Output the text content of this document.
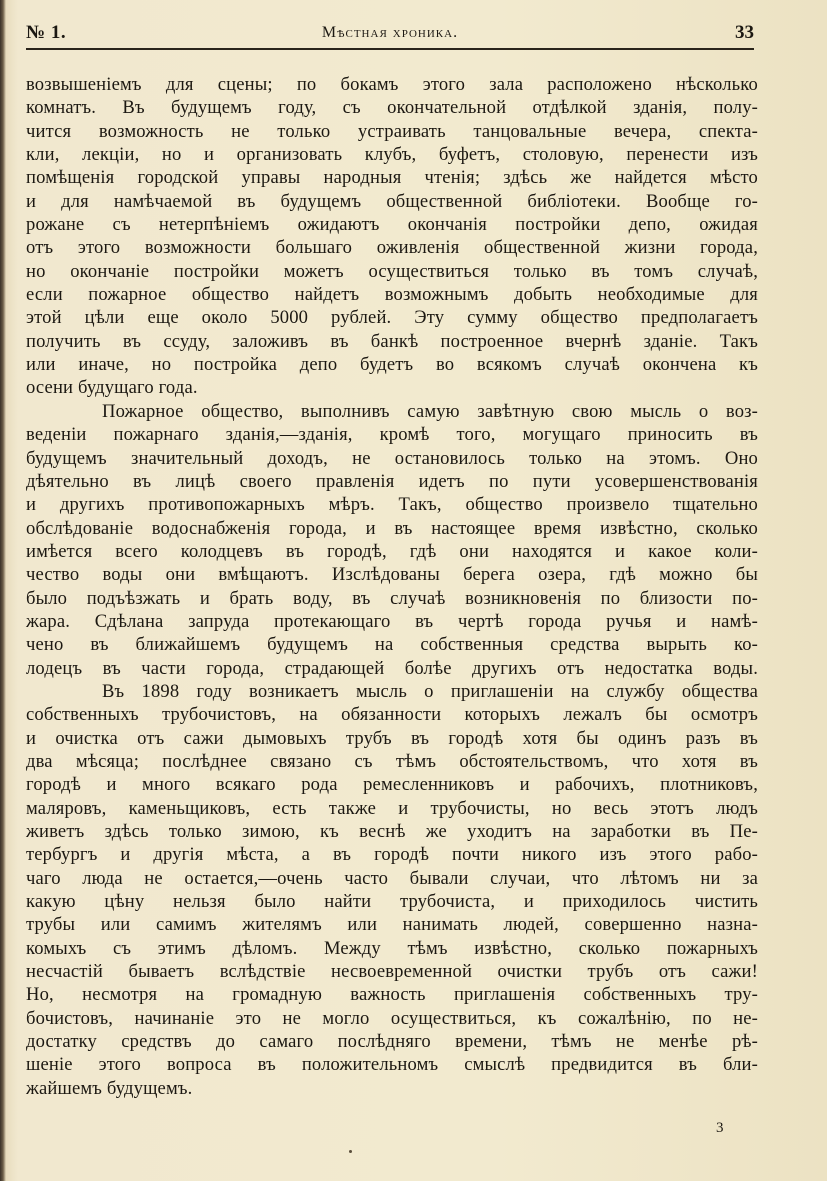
№ 1.	Мѣстная хроника.	33
возвышеніемъ для сцены; по бокамъ этого зала расположено нѣсколько
комнатъ. Въ будущемъ году, съ окончательной отдѣлкой зданія, полу-
чится возможность не только устраивать танцовальные вечера, спекта-
кли, лекціи, но и организовать клубъ, буфетъ, столовую, перенести изъ
помѣщенія городской управы народныя чтенія; здѣсь же найдется мѣсто
и для намѣчаемой въ будущемъ общественной библіотеки. Вообще го-
рожане съ нетерпѣніемъ ожидаютъ окончанія постройки депо, ожидая
отъ этого возможности большаго оживленія общественной жизни города,
но окончаніе постройки можетъ осуществиться только въ томъ случаѣ,
если пожарное общество найдетъ возможнымъ добыть необходимые для
этой цѣли еще около 5000 рублей. Эту сумму общество предполагаетъ
получить въ ссуду, заложивъ въ банкѣ построенное вчернѣ зданіе. Такъ
или иначе, но постройка депо будетъ во всякомъ случаѣ окончена къ
осени будущаго года.
Пожарное общество, выполнивъ самую завѣтную свою мысль о воз-
веденіи пожарнаго зданія,—зданія, кромѣ того, могущаго приносить въ
будущемъ значительный доходъ, не остановилось только на этомъ. Оно
дѣятельно въ лицѣ своего правленія идетъ по пути усовершенствованія
и другихъ противопожарныхъ мѣръ. Такъ, общество произвело тщательно
обслѣдованіе водоснабженія города, и въ настоящее время извѣстно, сколько
имѣется всего колодцевъ въ городѣ, гдѣ они находятся и какое коли-
чество воды они вмѣщаютъ. Изслѣдованы берега озера, гдѣ можно бы
было подъѣзжать и брать воду, въ случаѣ возникновенія по близости по-
жара. Сдѣлана запруда протекающаго въ чертѣ города ручья и намѣ-
чено въ ближайшемъ будущемъ на собственныя средства вырыть ко-
лодецъ въ части города, страдающей болѣе другихъ отъ недостатка воды.
Въ 1898 году возникаетъ мысль о приглашеніи на службу общества
собственныхъ трубочистовъ, на обязанности которыхъ лежалъ бы осмотръ
и очистка отъ сажи дымовыхъ трубъ въ городѣ хотя бы одинъ разъ въ
два мѣсяца; послѣднее связано съ тѣмъ обстоятельствомъ, что хотя въ
городѣ и много всякаго рода ремесленниковъ и рабочихъ, плотниковъ,
маляровъ, каменьщиковъ, есть также и трубочисты, но весь этотъ людъ
живетъ здѣсь только зимою, къ веснѣ же уходитъ на заработки въ Пе-
тербургъ и другія мѣста, а въ городѣ почти никого изъ этого рабо-
чаго люда не остается,—очень часто бывали случаи, что лѣтомъ ни за
какую цѣну нельзя было найти трубочиста, и приходилось чистить
трубы или самимъ жителямъ или нанимать людей, совершенно назна-
комыхъ съ этимъ дѣломъ. Между тѣмъ извѣстно, сколько пожарныхъ
несчастій бываетъ вслѣдствіе несвоевременной очистки трубъ отъ сажи!
Но, несмотря на громадную важность приглашенія собственныхъ тру-
бочистовъ, начинаніе это не могло осуществиться, къ сожалѣнію, по не-
достатку средствъ до самаго послѣдняго времени, тѣмъ не менѣе рѣ-
шеніе этого вопроса въ положительномъ смыслѣ предвидится въ бли-
жайшемъ будущемъ.
3
